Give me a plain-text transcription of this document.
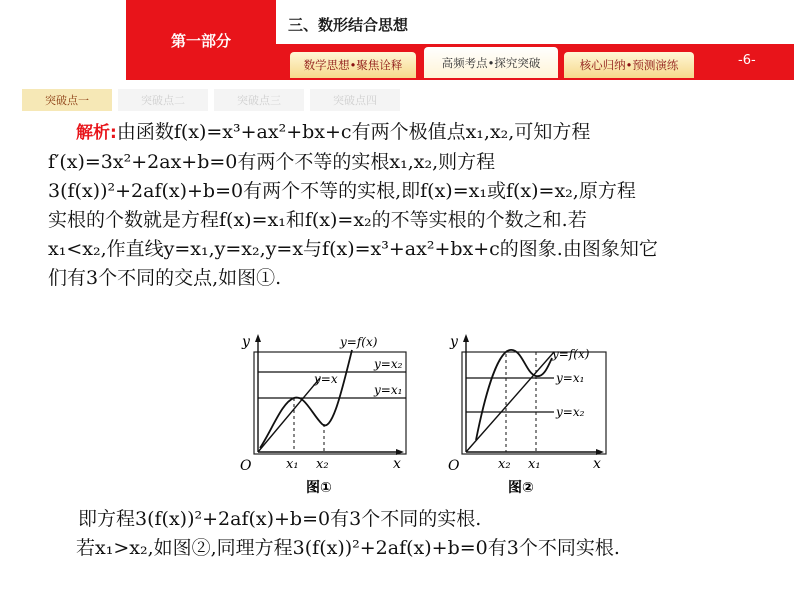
第一部分
三、数形结合思想
数学思想•聚焦诠释	高频考点•探究突破	核心归纳•预测演练	-6-
突破点一	突破点二	突破点三	突破点四

解析:由函数f(x)=x³+ax²+bx+c有两个极值点x₁,x₂,可知方程

f′(x)=3x²+2ax+b=0有两个不等的实根x₁,x₂,则方程

3(f(x))²+2af(x)+b=0有两个不等的实根,即f(x)=x₁或f(x)=x₂,原方程

实根的个数就是方程f(x)=x₁和f(x)=x₂的不等实根的个数之和.若

x₁<x₂,作直线y=x₁,y=x₂,y=x与f(x)=x³+ax²+bx+c的图象.由图象知它

们有3个不同的交点,如图①.

y
x
O
y=f(x)
y=x
y=x₂
y=x₁
x₁ x₂
图①
y
x
O
y=f(x)
y=x₁
y=x₂
x₂ x₁
图②

即方程3(f(x))²+2af(x)+b=0有3个不同的实根.

若x₁>x₂,如图②,同理方程3(f(x))²+2af(x)+b=0有3个不同实根.
